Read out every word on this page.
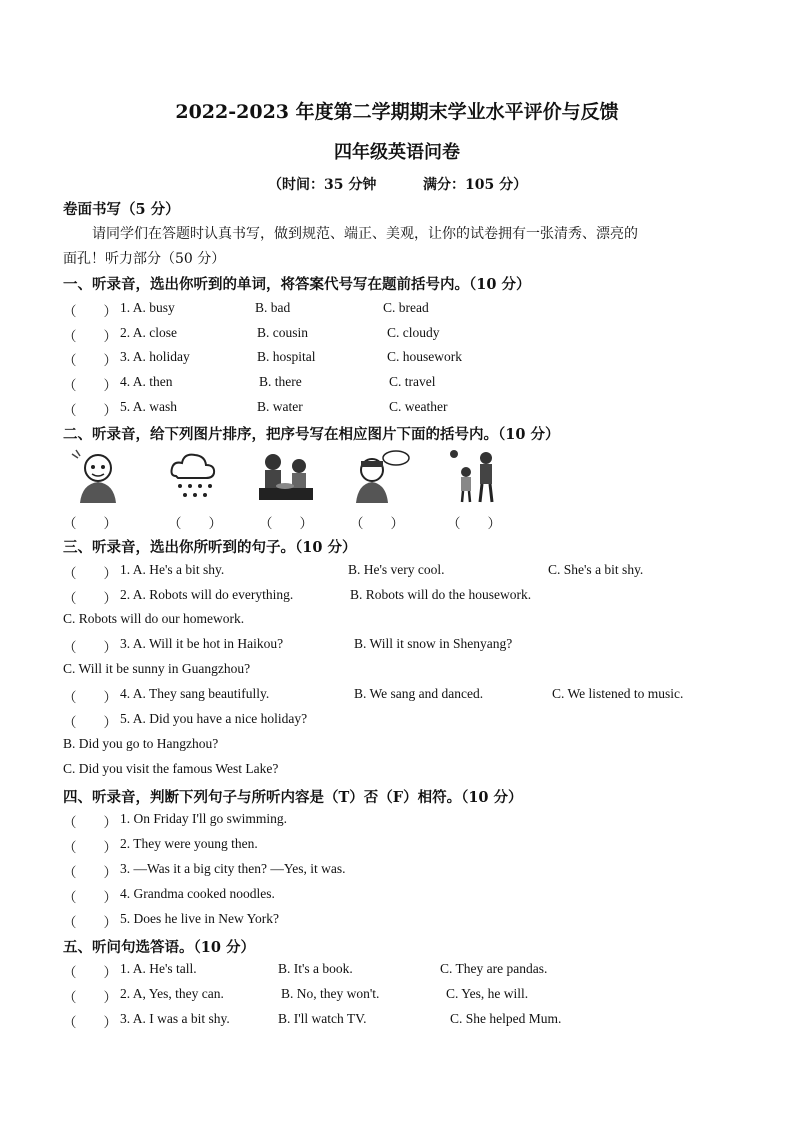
2022-2023 年度第二学期期末学业水平评价与反馈
四年级英语问卷
（时间：35 分钟	满分：105 分）
卷面书写（5 分）
请同学们在答题时认真书写，做到规范、端正、美观，让你的试卷拥有一张清秀、漂亮的
面孔！听力部分（50 分）
一、听录音，选出你听到的单词，将答案代号写在题前括号内。（10 分）
（　　） 1. A. busy	B. bad	C. bread
（　　） 2. A. close	B. cousin	C. cloudy
（　　） 3. A. holiday	B. hospital	C. housework
（　　） 4. A. then	B. there	C. travel
（　　） 5. A. wash	B. water	C. weather
二、听录音，给下列图片排序，把序号写在相应图片下面的括号内。（10 分）
（　　）	（　　）	（　　）	（　　）	（　　）
三、听录音，选出你所听到的句子。（10 分）
（　　） 1. A. He's a bit shy.	B. He's very cool.	C. She's a bit shy.
（　　） 2. A. Robots will do everything.	B. Robots will do the housework.
C. Robots will do our homework.
（　　） 3. A. Will it be hot in Haikou?	B. Will it snow in Shenyang?
C. Will it be sunny in Guangzhou?
（　　） 4. A. They sang beautifully.	B. We sang and danced.	C. We listened to music.
（　　） 5. A. Did you have a nice holiday?
B. Did you go to Hangzhou?
C. Did you visit the famous West Lake?
四、听录音，判断下列句子与所听内容是（T）否（F）相符。（10 分）
（　　） 1. On Friday I'll go swimming.
（　　） 2. They were young then.
（　　） 3. —Was it a big city then? —Yes, it was.
（　　） 4. Grandma cooked noodles.
（　　） 5. Does he live in New York?
五、听问句选答语。（10 分）
（　　） 1. A. He's tall.	B. It's a book.	C. They are pandas.
（　　） 2. A, Yes, they can.	B. No, they won't.	C. Yes, he will.
（　　） 3. A. I was a bit shy.	B. I'll watch TV.	C. She helped Mum.
